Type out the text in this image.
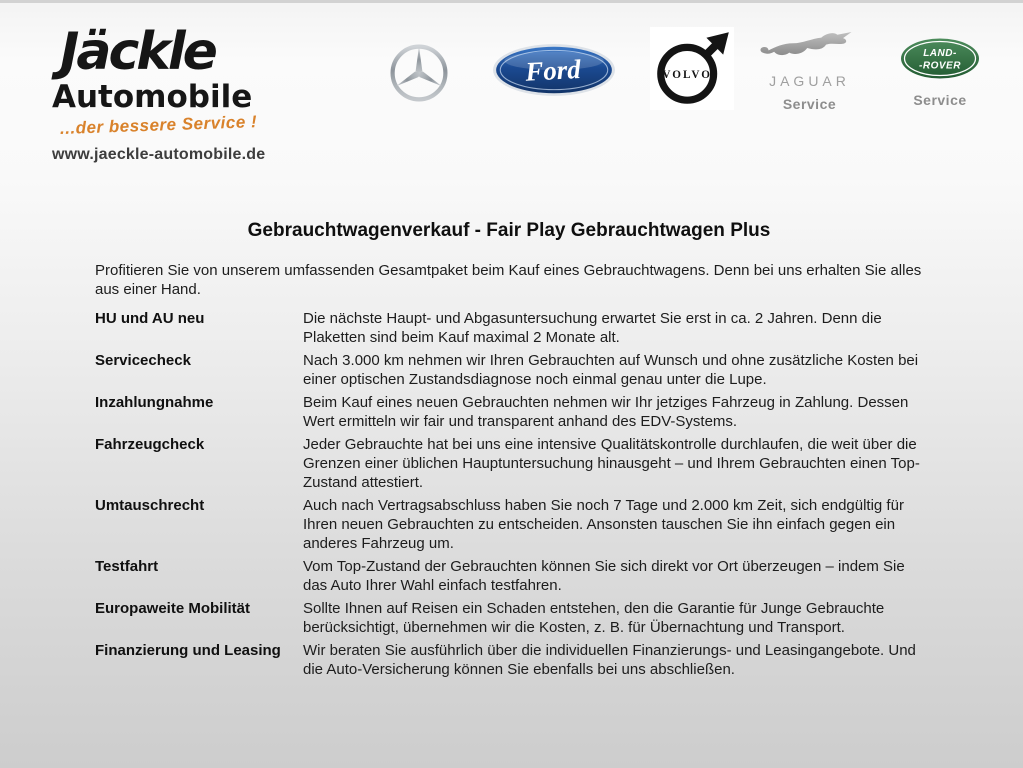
Jäckle
Automobile
...der bessere Service !
www.jaeckle-automobile.de
Ford	VOLVO	JAGUAR
Service
LAND-
-ROVER
Service
Gebrauchtwagenverkauf - Fair Play Gebrauchtwagen Plus

Profitieren Sie von unserem umfassenden Gesamtpaket beim Kauf eines Gebrauchtwagens. Denn bei uns erhalten Sie alles aus einer Hand.

HU und AU neu	Die nächste Haupt- und Abgasuntersuchung erwartet Sie erst in ca. 2 Jahren. Denn die Plaketten sind beim Kauf maximal 2 Monate alt.
Servicecheck	Nach 3.000 km nehmen wir Ihren Gebrauchten auf Wunsch und ohne zusätzliche Kosten bei einer optischen Zustandsdiagnose noch einmal genau unter die Lupe.
Inzahlungnahme	Beim Kauf eines neuen Gebrauchten nehmen wir Ihr jetziges Fahrzeug in Zahlung. Dessen Wert ermitteln wir fair und transparent anhand des EDV-Systems.
Fahrzeugcheck	Jeder Gebrauchte hat bei uns eine intensive Qualitätskontrolle durchlaufen, die weit über die Grenzen einer üblichen Hauptuntersuchung hinausgeht – und Ihrem Gebrauchten einen Top-Zustand attestiert.
Umtauschrecht	Auch nach Vertragsabschluss haben Sie noch 7 Tage und 2.000 km Zeit, sich endgültig für Ihren neuen Gebrauchten zu entscheiden. Ansonsten tauschen Sie ihn einfach gegen ein anderes Fahrzeug um.
Testfahrt	Vom Top-Zustand der Gebrauchten können Sie sich direkt vor Ort überzeugen – indem Sie das Auto Ihrer Wahl einfach testfahren.
Europaweite Mobilität	Sollte Ihnen auf Reisen ein Schaden entstehen, den die Garantie für Junge Gebrauchte berücksichtigt, übernehmen wir die Kosten, z. B. für Übernachtung und Transport.
Finanzierung und Leasing	Wir beraten Sie ausführlich über die individuellen Finanzierungs- und Leasingangebote. Und die Auto-Versicherung können Sie ebenfalls bei uns abschließen.
